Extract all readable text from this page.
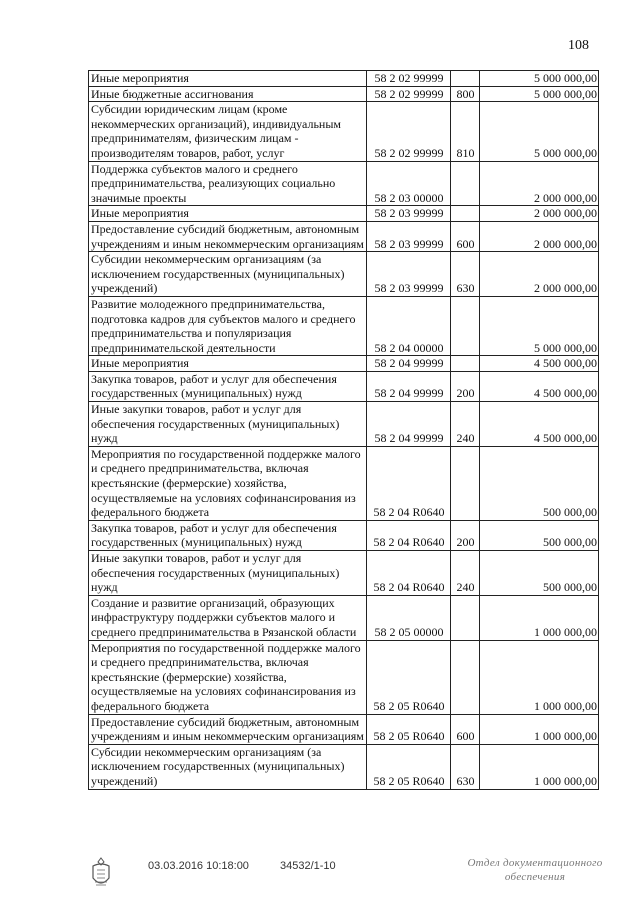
108
Иные мероприятия	58 2 02 99999		5 000 000,00
Иные бюджетные ассигнования	58 2 02 99999	800	5 000 000,00
Субсидии юридическим лицам (кроме некоммерческих организаций), индивидуальным предпринимателям, физическим лицам - производителям товаров, работ, услуг	58 2 02 99999	810	5 000 000,00
Поддержка субъектов малого и среднего предпринимательства, реализующих социально значимые проекты	58 2 03 00000		2 000 000,00
Иные мероприятия	58 2 03 99999		2 000 000,00
Предоставление субсидий бюджетным, автономным учреждениям и иным некоммерческим организациям	58 2 03 99999	600	2 000 000,00
Субсидии некоммерческим организациям (за исключением государственных (муниципальных) учреждений)	58 2 03 99999	630	2 000 000,00
Развитие молодежного предпринимательства, подготовка кадров для субъектов малого и среднего предпринимательства и популяризация предпринимательской деятельности	58 2 04 00000		5 000 000,00
Иные мероприятия	58 2 04 99999		4 500 000,00
Закупка товаров, работ и услуг для обеспечения государственных (муниципальных) нужд	58 2 04 99999	200	4 500 000,00
Иные закупки товаров, работ и услуг для обеспечения государственных (муниципальных) нужд	58 2 04 99999	240	4 500 000,00
Мероприятия по государственной поддержке малого и среднего предпринимательства, включая крестьянские (фермерские) хозяйства, осуществляемые на условиях софинансирования из федерального бюджета	58 2 04 R0640		500 000,00
Закупка товаров, работ и услуг для обеспечения государственных (муниципальных) нужд	58 2 04 R0640	200	500 000,00
Иные закупки товаров, работ и услуг для обеспечения государственных (муниципальных) нужд	58 2 04 R0640	240	500 000,00
Создание и развитие организаций, образующих инфраструктуру поддержки субъектов малого и среднего предпринимательства в Рязанской области	58 2 05 00000		1 000 000,00
Мероприятия по государственной поддержке малого и среднего предпринимательства, включая крестьянские (фермерские) хозяйства, осуществляемые на условиях софинансирования из федерального бюджета	58 2 05 R0640		1 000 000,00
Предоставление субсидий бюджетным, автономным учреждениям и иным некоммерческим организациям	58 2 05 R0640	600	1 000 000,00
Субсидии некоммерческим организациям (за исключением государственных (муниципальных) учреждений)	58 2 05 R0640	630	1 000 000,00
03.03.2016 10:18:00	34532/1-10	Отдел документационного
обеспечения
